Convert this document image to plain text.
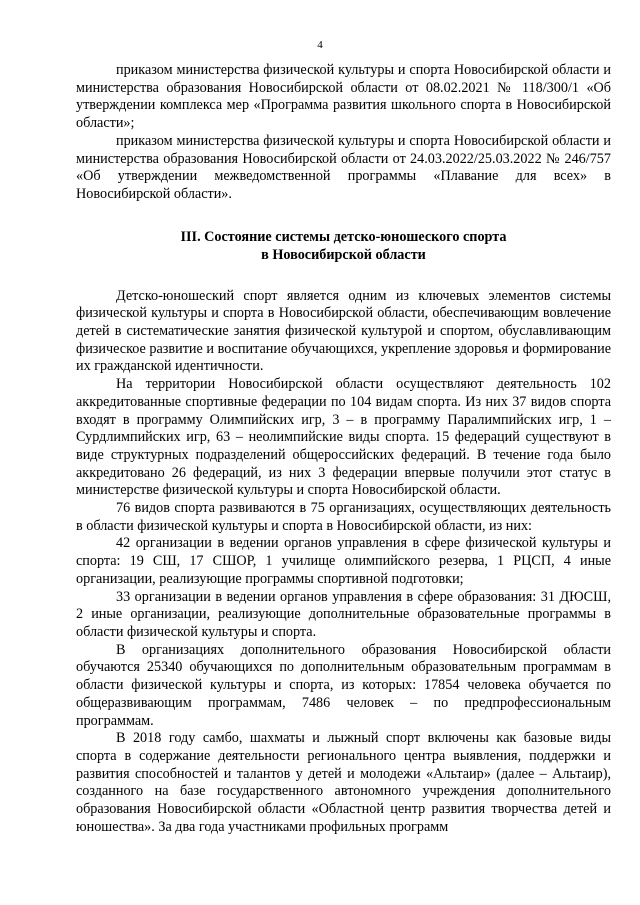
4

приказом министерства физической культуры и спорта Новосибирской области и министерства образования Новосибирской области от 08.02.2021 № 118/300/1 «Об утверждении комплекса мер «Программа развития школьного спорта в Новосибирской области»;

приказом министерства физической культуры и спорта Новосибирской области и министерства образования Новосибирской области от 24.03.2022/25.03.2022 № 246/757 «Об утверждении межведомственной программы «Плавание для всех» в Новосибирской области».

III. Состояние системы детско-юношеского спорта
в Новосибирской области

Детско-юношеский спорт является одним из ключевых элементов системы физической культуры и спорта в Новосибирской области, обеспечивающим вовлечение детей в систематические занятия физической культурой и спортом, обуславливающим физическое развитие и воспитание обучающихся, укрепление здоровья и формирование их гражданской идентичности.

На территории Новосибирской области осуществляют деятельность 102 аккредитованные спортивные федерации по 104 видам спорта. Из них 37 видов спорта входят в программу Олимпийских игр, 3 – в программу Паралимпийских игр, 1 – Сурдлимпийских игр, 63 – неолимпийские виды спорта. 15 федераций существуют в виде структурных подразделений общероссийских федераций. В течение года было аккредитовано 26 федераций, из них 3 федерации впервые получили этот статус в министерстве физической культуры и спорта Новосибирской области.

76 видов спорта развиваются в 75 организациях, осуществляющих деятельность в области физической культуры и спорта в Новосибирской области, из них:

42 организации в ведении органов управления в сфере физической культуры и спорта: 19 СШ, 17 СШОР, 1 училище олимпийского резерва, 1 РЦСП, 4 иные организации, реализующие программы спортивной подготовки;

33 организации в ведении органов управления в сфере образования: 31 ДЮСШ, 2 иные организации, реализующие дополнительные образовательные программы в области физической культуры и спорта.

В организациях дополнительного образования Новосибирской области обучаются 25340 обучающихся по дополнительным образовательным программам в области физической культуры и спорта, из которых: 17854 человека обучается по общеразвивающим программам, 7486 человек – по предпрофессиональным программам.

В 2018 году самбо, шахматы и лыжный спорт включены как базовые виды спорта в содержание деятельности регионального центра выявления, поддержки и развития способностей и талантов у детей и молодежи «Альтаир» (далее – Альтаир), созданного на базе государственного автономного учреждения дополнительного образования Новосибирской области «Областной центр развития творчества детей и юношества». За два года участниками профильных программ
